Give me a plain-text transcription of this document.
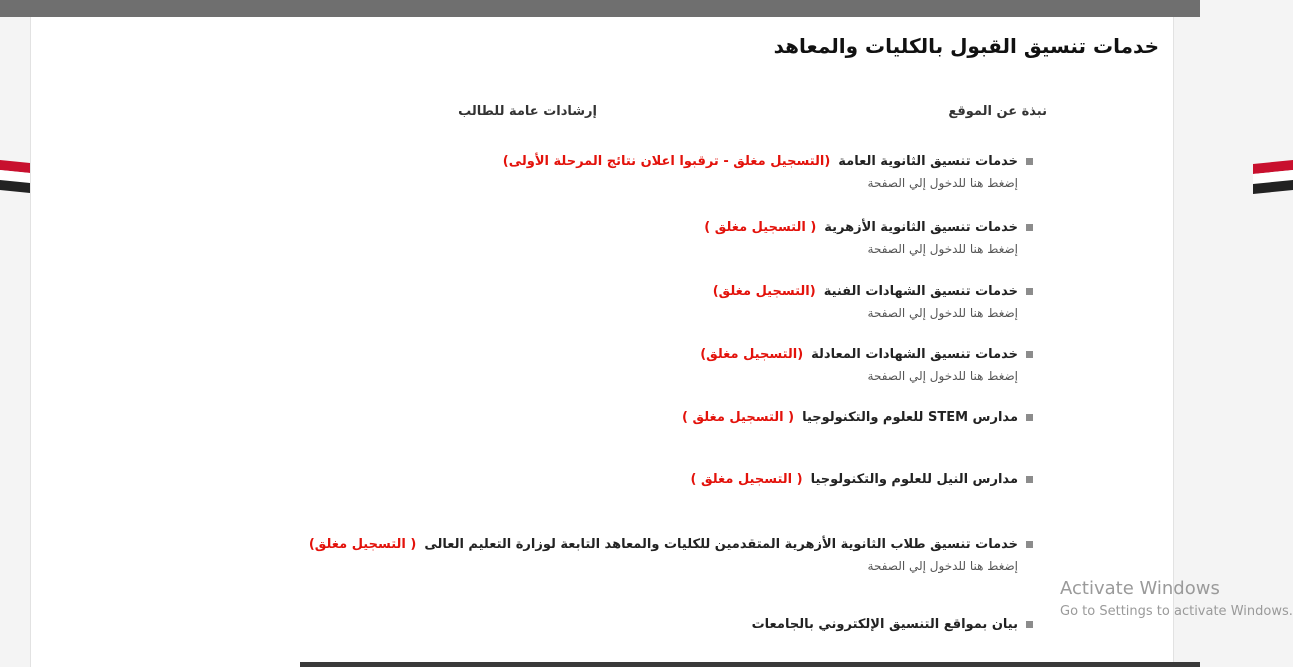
خدمات تنسيق القبول بالكليات والمعاهد
نبذة عن الموقع
إرشادات عامة للطالب
خدمات تنسيق الثانوية العامة(التسجيل مغلق - ترقبوا اعلان نتائج المرحلة الأولى)
إضغط هنا للدخول إلي الصفحة
خدمات تنسيق الثانوية الأزهرية( التسجيل مغلق )
إضغط هنا للدخول إلي الصفحة
خدمات تنسيق الشهادات الفنية(التسجيل مغلق)
إضغط هنا للدخول إلي الصفحة
خدمات تنسيق الشهادات المعادلة(التسجيل مغلق)
إضغط هنا للدخول إلي الصفحة
مدارس STEM للعلوم والتكنولوجيا( التسجيل مغلق )
مدارس النيل للعلوم والتكنولوجيا( التسجيل مغلق )
خدمات تنسيق طلاب الثانوية الأزهرية المتقدمين للكليات والمعاهد التابعة لوزارة التعليم العالى( التسجيل مغلق)
إضغط هنا للدخول إلي الصفحة
بيان بمواقع التنسيق الإلكتروني بالجامعات
Activate Windows
Go to Settings to activate Windows.
